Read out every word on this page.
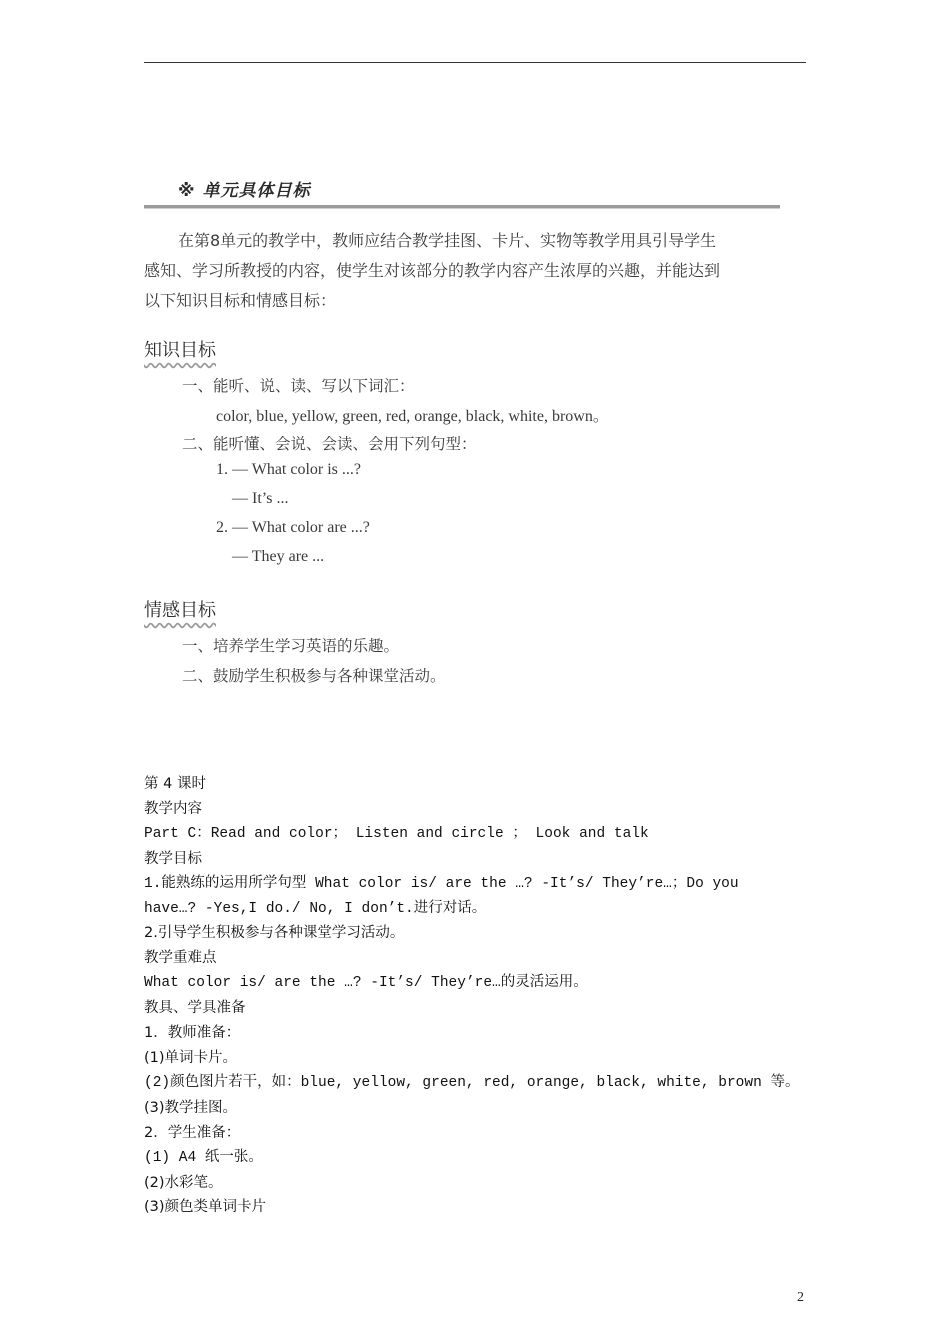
※ 单元具体目标
在第8单元的教学中，教师应结合教学挂图、卡片、实物等教学用具引导学生
感知、学习所教授的内容，使学生对该部分的教学内容产生浓厚的兴趣，并能达到
以下知识目标和情感目标：
知识目标
一、能听、说、读、写以下词汇：
color, blue, yellow, green, red, orange, black, white, brown。
二、能听懂、会说、会读、会用下列句型：
1. — What color is ...?
— It’s ...
2. — What color are ...?
— They are ...
情感目标
一、培养学生学习英语的乐趣。
二、鼓励学生积极参与各种课堂活动。
第 4 课时
教学内容
Part C：Read and color； Listen and circle ； Look and talk
教学目标
1.能熟练的运用所学句型 What color is/ are the …? -It’s/ They’re…；Do you
have…? -Yes,I do./ No, I don’t.进行对话。
2.引导学生积极参与各种课堂学习活动。
教学重难点
What color is/ are the …? -It’s/ They’re…的灵活运用。
教具、学具准备
1．教师准备：
(1)单词卡片。
(2)颜色图片若干，如：blue, yellow, green, red, orange, black, white, brown 等。
(3)教学挂图。
2．学生准备：
(1) A4 纸一张。
(2)水彩笔。
(3)颜色类单词卡片
2
